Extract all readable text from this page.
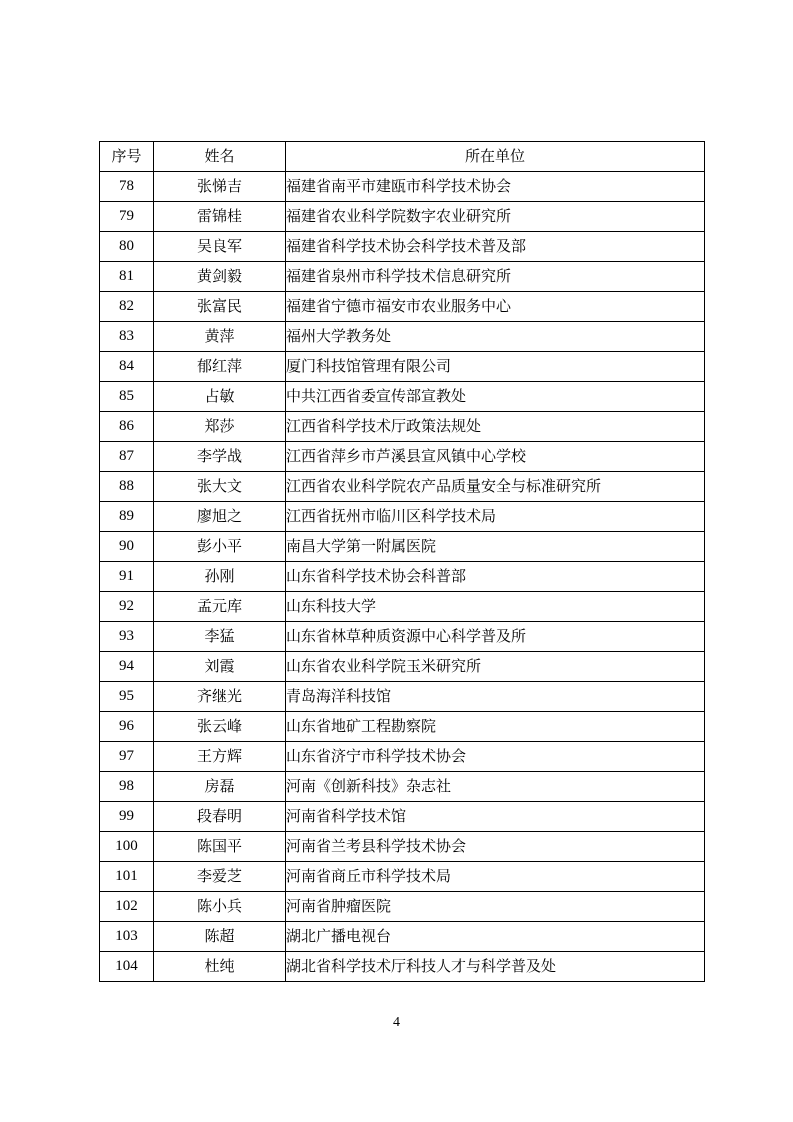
序号	姓名	所在单位
78	张悌吉	福建省南平市建瓯市科学技术协会
79	雷锦桂	福建省农业科学院数字农业研究所
80	吴良军	福建省科学技术协会科学技术普及部
81	黄剑毅	福建省泉州市科学技术信息研究所
82	张富民	福建省宁德市福安市农业服务中心
83	黄萍	福州大学教务处
84	郁红萍	厦门科技馆管理有限公司
85	占敏	中共江西省委宣传部宣教处
86	郑莎	江西省科学技术厅政策法规处
87	李学战	江西省萍乡市芦溪县宣风镇中心学校
88	张大文	江西省农业科学院农产品质量安全与标准研究所
89	廖旭之	江西省抚州市临川区科学技术局
90	彭小平	南昌大学第一附属医院
91	孙刚	山东省科学技术协会科普部
92	孟元库	山东科技大学
93	李猛	山东省林草种质资源中心科学普及所
94	刘霞	山东省农业科学院玉米研究所
95	齐继光	青岛海洋科技馆
96	张云峰	山东省地矿工程勘察院
97	王方辉	山东省济宁市科学技术协会
98	房磊	河南《创新科技》杂志社
99	段春明	河南省科学技术馆
100	陈国平	河南省兰考县科学技术协会
101	李爱芝	河南省商丘市科学技术局
102	陈小兵	河南省肿瘤医院
103	陈超	湖北广播电视台
104	杜纯	湖北省科学技术厅科技人才与科学普及处
4
